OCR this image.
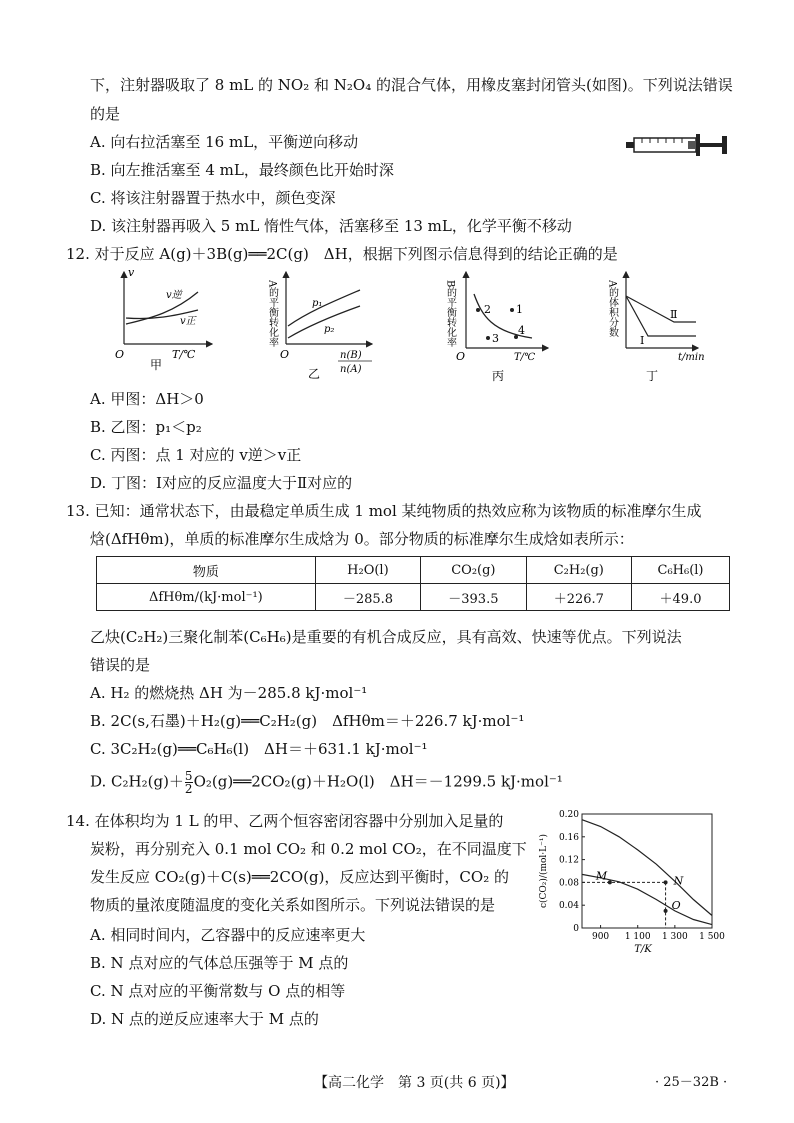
下，注射器吸取了 8 mL 的 NO₂ 和 N₂O₄ 的混合气体，用橡皮塞封闭管头(如图)。下列说法错误
的是
A. 向右拉活塞至 16 mL，平衡逆向移动
B. 向左推活塞至 4 mL，最终颜色比开始时深
C. 将该注射器置于热水中，颜色变深
D. 该注射器再吸入 5 mL 惰性气体，活塞移至 13 mL，化学平衡不移动
12. 对于反应 A(g)＋3B(g)══2C(g)　ΔH，根据下列图示信息得到的结论正确的是
v
v逆
v正
O	T/℃
甲
A的平衡转化率	p₁
p₂
O	n(B)
n(A)
乙
B的平衡转化率	2 1
3
4
O	T/℃
丙
A的体积分数
Ⅰ
Ⅱ
t/min
丁
A. 甲图：ΔH＞0
B. 乙图：p₁＜p₂
C. 丙图：点 1 对应的 v逆＞v正
D. 丁图：Ⅰ对应的反应温度大于Ⅱ对应的
13. 已知：通常状态下，由最稳定单质生成 1 mol 某纯物质的热效应称为该物质的标准摩尔生成
焓(ΔfHθm)，单质的标准摩尔生成焓为 0。部分物质的标准摩尔生成焓如表所示：
物质	H₂O(l)	CO₂(g)	C₂H₂(g)	C₆H₆(l)
ΔfHθm/(kJ·mol⁻¹)	－285.8	－393.5	＋226.7	＋49.0
乙炔(C₂H₂)三聚化制苯(C₆H₆)是重要的有机合成反应，具有高效、快速等优点。下列说法
错误的是
A. H₂ 的燃烧热 ΔH 为－285.8 kJ·mol⁻¹
B. 2C(s,石墨)＋H₂(g)══C₂H₂(g)　ΔfHθm＝＋226.7 kJ·mol⁻¹
C. 3C₂H₂(g)══C₆H₆(l)　ΔH＝＋631.1 kJ·mol⁻¹
D. $C_2H_2(g)+ \frac{5}{2}$ O₂(g)══2CO₂(g)＋H₂O(l)　ΔH＝－1299.5 kJ·mol⁻¹
14. 在体积均为 1 L 的甲、乙两个恒容密闭容器中分别加入足量的
炭粉，再分别充入 0.1 mol CO₂ 和 0.2 mol CO₂，在不同温度下
发生反应 CO₂(g)＋C(s)══2CO(g)，反应达到平衡时，CO₂ 的
物质的量浓度随温度的变化关系如图所示。下列说法错误的是
A. 相同时间内，乙容器中的反应速率更大
B. N 点对应的气体总压强等于 M 点的
C. N 点对应的平衡常数与 O 点的相等
D. N 点的逆反应速率大于 M 点的
0.20
0.16
0.12
0.08
0.04
0
900 1 100 1 300 1 500
T/K
c(CO₂)/(mol·L⁻¹)	M	N
O
【高二化学　第 3 页(共 6 页)】	· 25－32B ·
